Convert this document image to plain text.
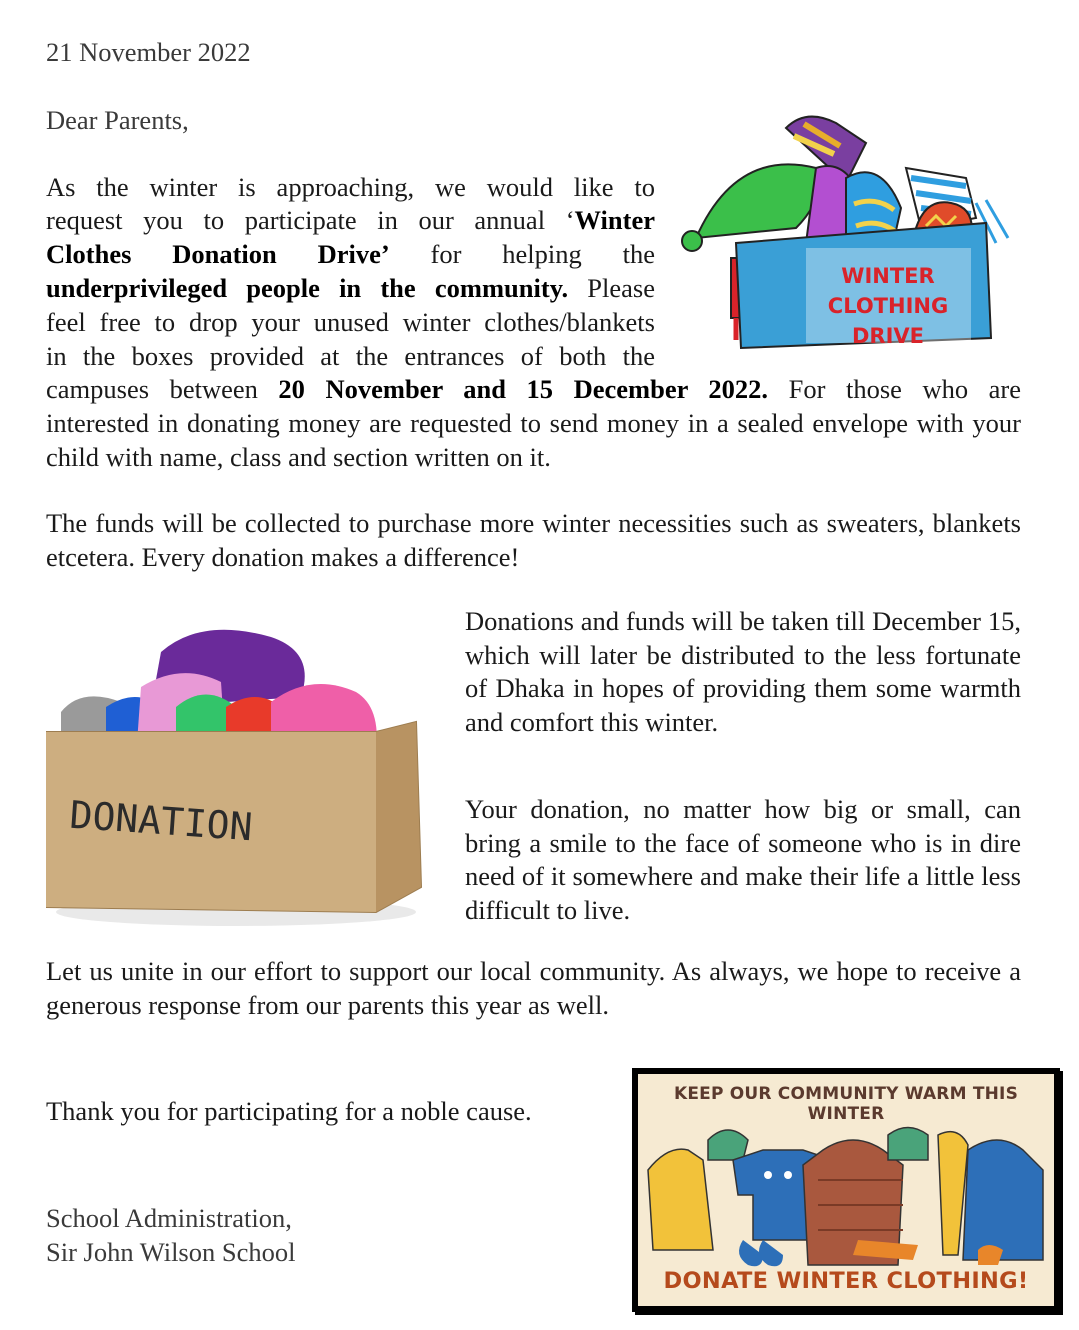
21 November 2022

Dear Parents,

As the winter is approaching, we would like to

request you to participate in our annual ‘Winter

Clothes Donation Drive’ for helping the

underprivileged people in the community. Please

feel free to drop your unused winter clothes/blankets

in the boxes provided at the entrances of both the

campuses between 20 November and 15 December 2022. For those who are

interested in donating money are requested to send money in a sealed envelope with your child with name, class and section written on it.

WINTER
CLOTHING
DRIVE

The funds will be collected to purchase more winter necessities such as sweaters, blankets etcetera. Every donation makes a difference!

DONATION

Donations and funds will be taken till December 15, which will later be distributed to the less fortunate of Dhaka in hopes of providing them some warmth and comfort this winter.

Your donation, no matter how big or small, can bring a smile to the face of someone who is in dire need of it somewhere and make their life a little less difficult to live.

Let us unite in our effort to support our local community. As always, we hope to receive a generous response from our parents this year as well.

Thank you for participating for a noble cause.

School Administration,

Sir John Wilson School

KEEP OUR COMMUNITY WARM THIS WINTER
DONATE WINTER CLOTHING!
